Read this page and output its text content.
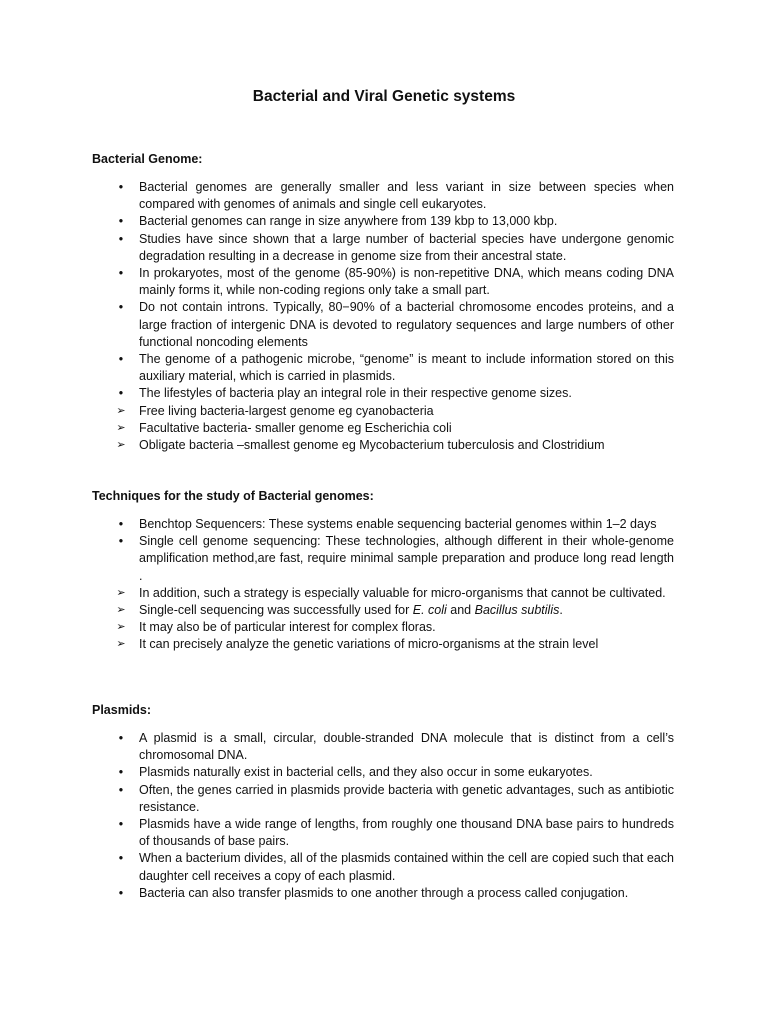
Bacterial and Viral Genetic systems
Bacterial Genome:
•	Bacterial genomes are generally smaller and less variant in size between species when compared with genomes of animals and single cell eukaryotes.
•	Bacterial genomes can range in size anywhere from 139 kbp to 13,000 kbp.
•	Studies have since shown that a large number of bacterial species have undergone genomic degradation resulting in a decrease in genome size from their ancestral state.
•	In prokaryotes, most of the genome (85-90%) is non-repetitive DNA, which means coding DNA mainly forms it, while non-coding regions only take a small part.
•	Do not contain introns. Typically, 80−90% of a bacterial chromosome encodes proteins, and a large fraction of intergenic DNA is devoted to regulatory sequences and large numbers of other functional noncoding elements
•	The genome of a pathogenic microbe, “genome” is meant to include information stored on this auxiliary material, which is carried in plasmids.
•	The lifestyles of bacteria play an integral role in their respective genome sizes.
➢ Free living bacteria-largest genome eg cyanobacteria
➢ Facultative bacteria- smaller genome eg Escherichia coli
➢ Obligate bacteria –smallest genome eg Mycobacterium tuberculosis and Clostridium
Techniques for the study of Bacterial genomes:
•	Benchtop Sequencers: These systems enable sequencing bacterial genomes within 1–2 days
•	Single cell genome sequencing: These technologies, although different in their whole-genome amplification method,are fast, require minimal sample preparation and produce long read length .
➢ In addition, such a strategy is especially valuable for micro-organisms that cannot be cultivated.
➢ Single-cell sequencing was successfully used for E. coli and Bacillus subtilis.
➢ It may also be of particular interest for complex floras.
➢ It can precisely analyze the genetic variations of micro-organisms at the strain level
Plasmids:
•	A plasmid is a small, circular, double-stranded DNA molecule that is distinct from a cell’s chromosomal DNA.
•	Plasmids naturally exist in bacterial cells, and they also occur in some eukaryotes.
•	Often, the genes carried in plasmids provide bacteria with genetic advantages, such as antibiotic resistance.
•	Plasmids have a wide range of lengths, from roughly one thousand DNA base pairs to hundreds of thousands of base pairs.
•	When a bacterium divides, all of the plasmids contained within the cell are copied such that each daughter cell receives a copy of each plasmid.
•	Bacteria can also transfer plasmids to one another through a process called conjugation.
